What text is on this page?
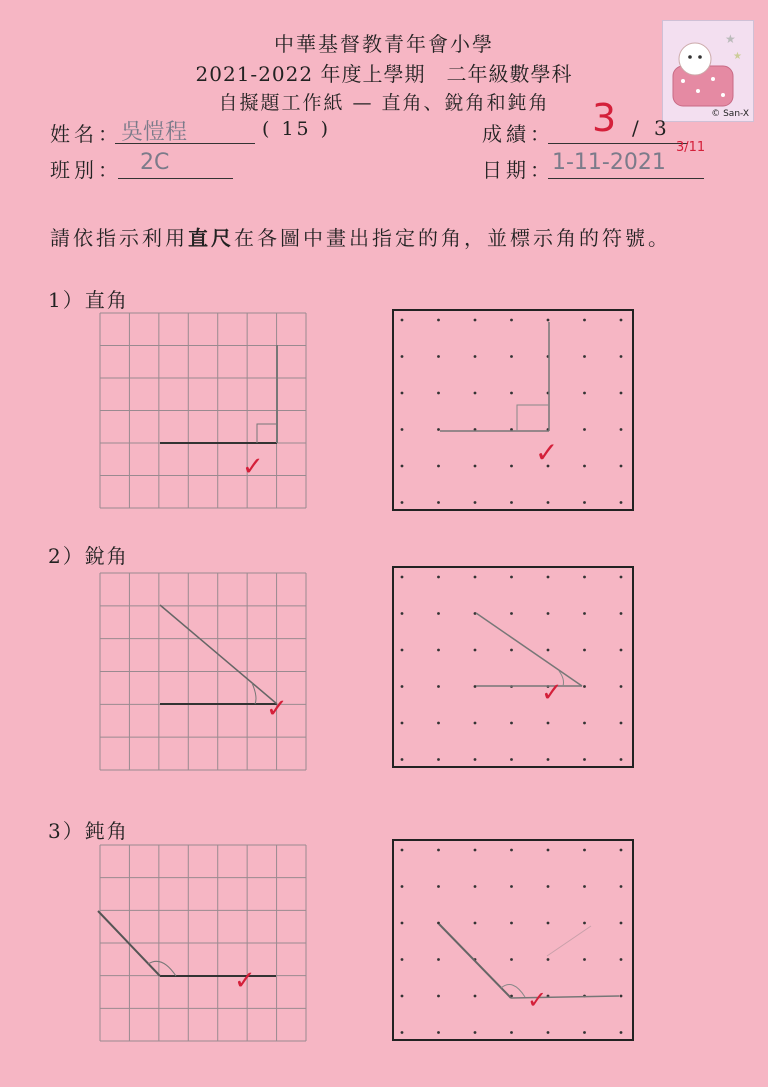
中華基督教青年會小學
2021-2022 年度上學期　二年級數學科
自擬題工作紙 — 直角、銳角和鈍角
★
★
© San-X
姓名： 吳愷程	( 15 )	成績： 3 / 3
班別： 2C	日期：
1-11-2021
3/11
請依指示利用直尺在各圖中畫出指定的角，並標示角的符號。
1）直角
2）銳角
3）鈍角
✓	✓
✓
✓
✓
✓
